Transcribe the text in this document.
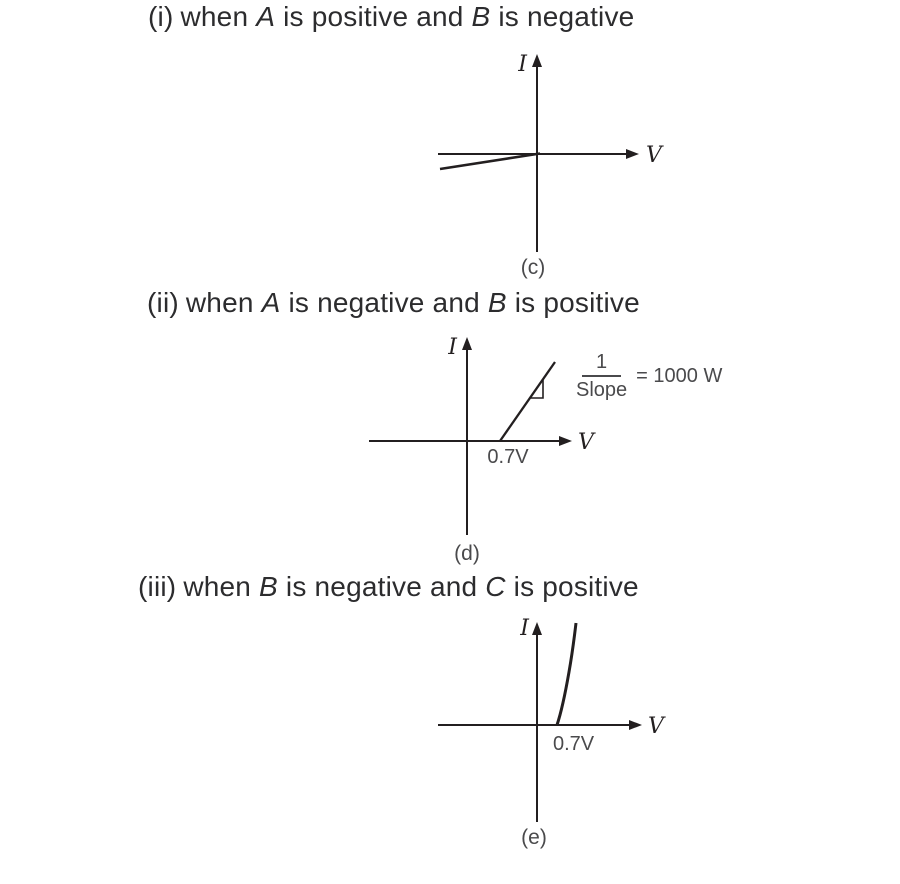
(i) when A is positive and B is negative
I
V
(c)
(ii) when A is negative and B is positive
I
V
0.7V
(d)
$\frac{1}{\text{Slope}} = 1000$ W
(iii) when B is negative and C is positive
I
V
0.7V
(e)
